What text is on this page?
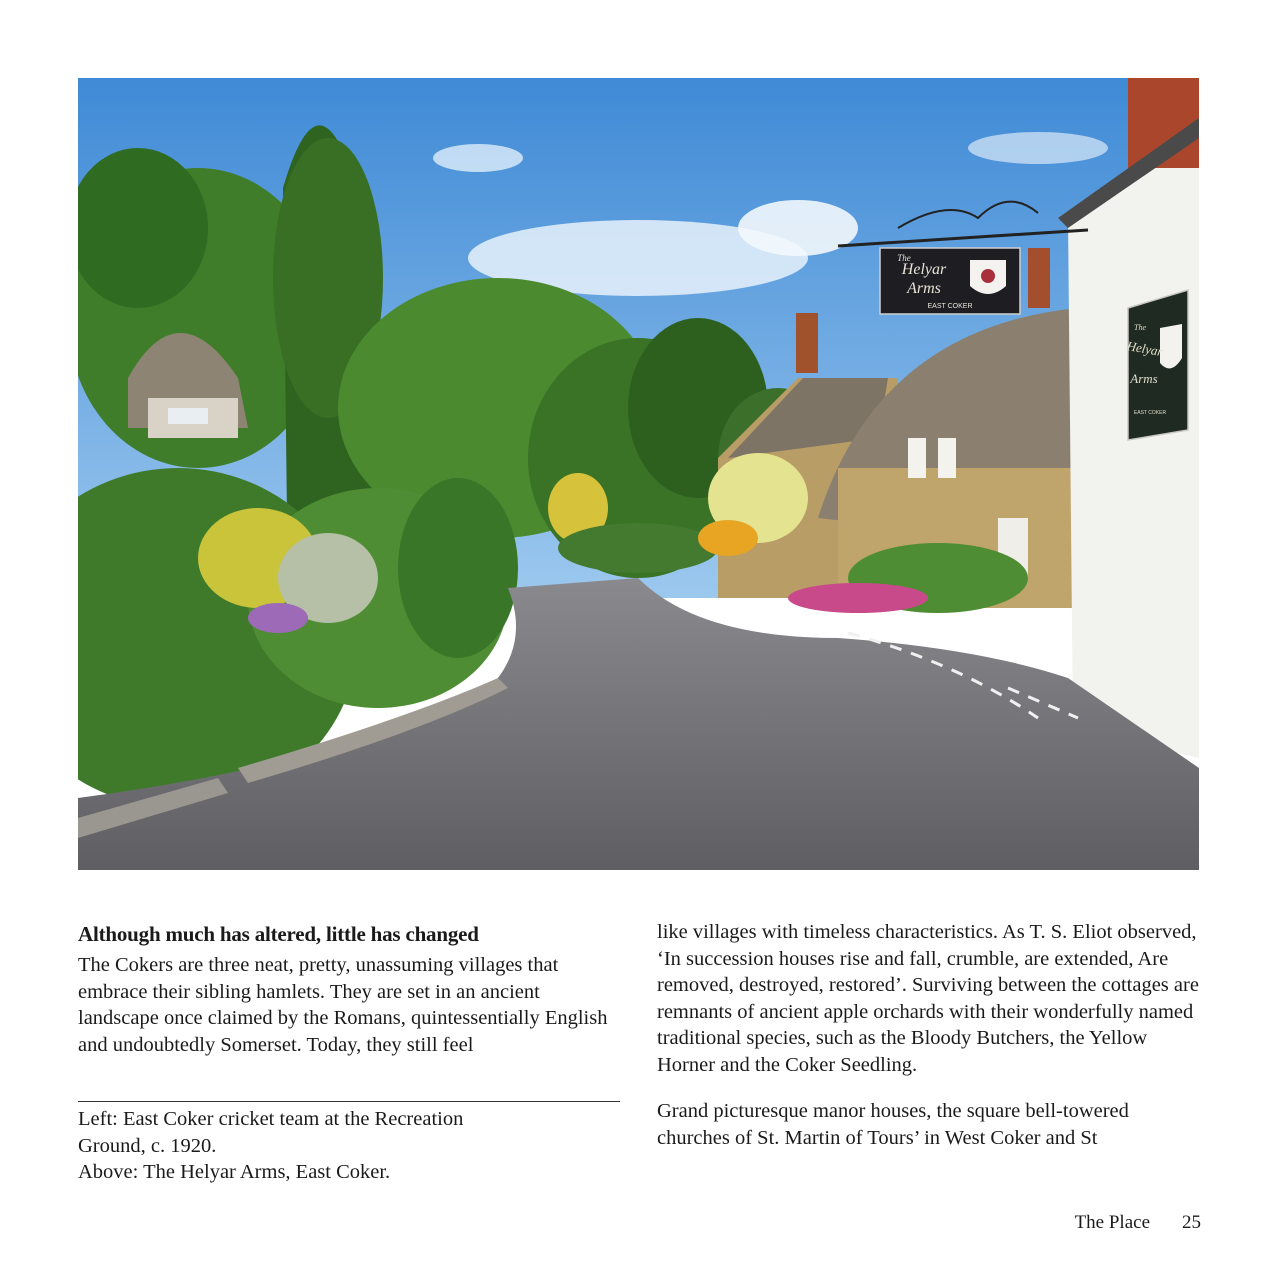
Helyar
Arms
The
EAST COKER
Helyar
Arms
The
EAST COKER
Although much has altered, little has changed

The Cokers are three neat, pretty, unassuming villages that embrace their sibling hamlets. They are set in an ancient landscape once claimed by the Romans, quintessentially English and undoubtedly Somerset. Today, they still feel

Left: East Coker cricket team at the Recreation
Ground, c. 1920.
Above: The Helyar Arms, East Coker.

like villages with timeless characteristics. As T. S. Eliot observed, ‘In succession houses rise and fall, crumble, are extended, Are removed, destroyed, restored’. Surviving between the cottages are remnants of ancient apple orchards with their wonderfully named traditional species, such as the Bloody Butchers, the Yellow Horner and the Coker Seedling.

Grand picturesque manor houses, the square bell-towered churches of St. Martin of Tours’ in West Coker and St

The Place 25
